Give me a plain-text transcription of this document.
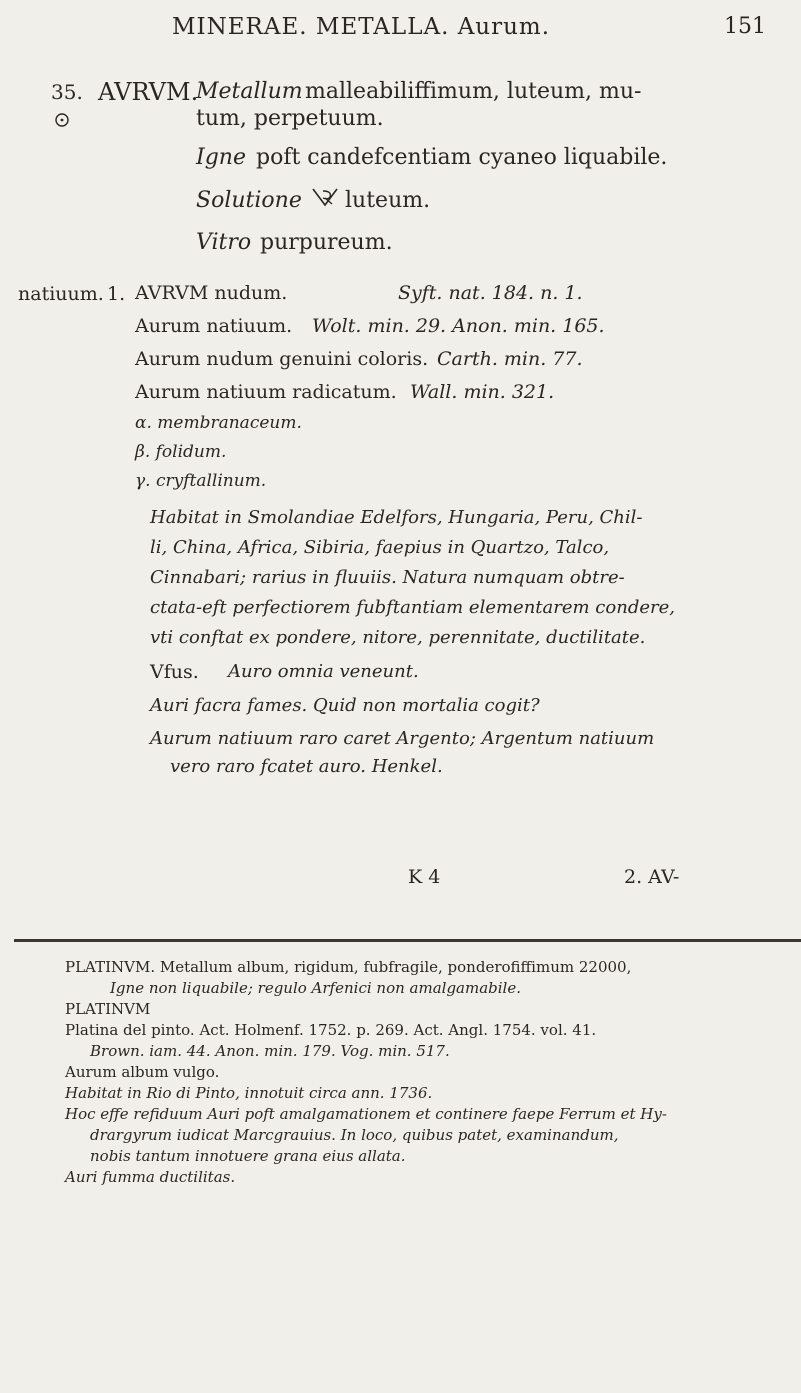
MINERAE. METALLA. Aurum.	151
35. AVRVM.
Metallum malleabiliffimum, luteum, mu-
tum, perpetuum.
Igne poft candefcentiam cyaneo liquabile.
Solutione luteum.
Vitro purpureum.
natiuum. 1. AVRVM nudum.	Syft. nat. 184. n. 1.
Aurum natiuum. Wolt. min. 29. Anon. min. 165.
Aurum nudum genuini coloris. Carth. min. 77.
Aurum natiuum radicatum. Wall. min. 321.
α. membranaceum.
β. folidum.
γ. cryftallinum.
Habitat in Smolandiae Edelfors, Hungaria, Peru, Chil-
li, China, Africa, Sibiria, faepius in Quartzo, Talco,
Cinnabari; rarius in fluuiis. Natura numquam obtre-
ctata-eft perfectiorem fubftantiam elementarem condere,
vti conftat ex pondere, nitore, perennitate, ductilitate.
Vfus. Auro omnia veneunt.
Auri facra fames. Quid non mortalia cogit?
Aurum natiuum raro caret Argento; Argentum natiuum
vero raro fcatet auro. Henkel.
K 4	2. AV-
PLATINVM. Metallum album, rigidum, fubfragile, ponderofiffimum 22000,
Igne non liquabile; regulo Arfenici non amalgamabile.
PLATINVM
Platina del pinto. Act. Holmenf. 1752. p. 269. Act. Angl. 1754. vol. 41.
Brown. iam. 44. Anon. min. 179. Vog. min. 517.
Aurum album vulgo.
Habitat in Rio di Pinto, innotuit circa ann. 1736.
Hoc effe refiduum Auri poft amalgamationem et continere faepe Ferrum et Hy-
drargyrum iudicat Marcgrauius. In loco, quibus patet, examinandum,
nobis tantum innotuere grana eius allata.
Auri fumma ductilitas.
